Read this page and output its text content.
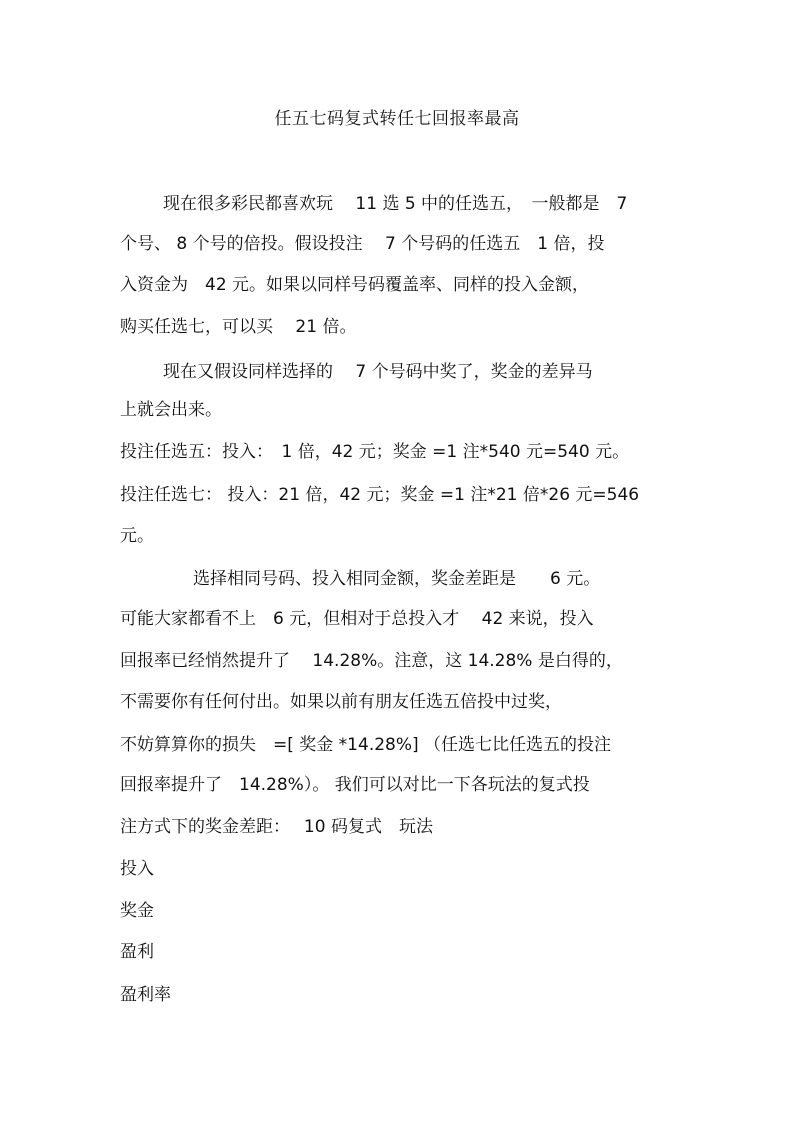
任五七码复式转任七回报率最高
现在很多彩民都喜欢玩　 11 选 5 中的任选五，　一般都是　7
个号、 8 个号的倍投。假设投注　 7 个号码的任选五　1 倍，投
入资金为　42 元。如果以同样号码覆盖率、同样的投入金额，
购买任选七，可以买　 21 倍。
现在又假设同样选择的　 7 个号码中奖了，奖金的差异马
上就会出来。
投注任选五：投入：　1 倍，42 元；奖金 =1 注*540 元=540 元。
投注任选七： 投入：21 倍，42 元；奖金 =1 注*21 倍*26 元=546
元。
选择相同号码、投入相同金额，奖金差距是　　6 元。
可能大家都看不上　6 元，但相对于总投入才　 42 来说，投入
回报率已经悄然提升了　 14.28%。注意，这 14.28% 是白得的，
不需要你有任何付出。如果以前有朋友任选五倍投中过奖，
不妨算算你的损失　=[ 奖金 *14.28%] （任选七比任选五的投注
回报率提升了　14.28%）。 我们可以对比一下各玩法的复式投
注方式下的奖金差距：　 10 码复式　玩法
投入
奖金
盈利
盈利率
